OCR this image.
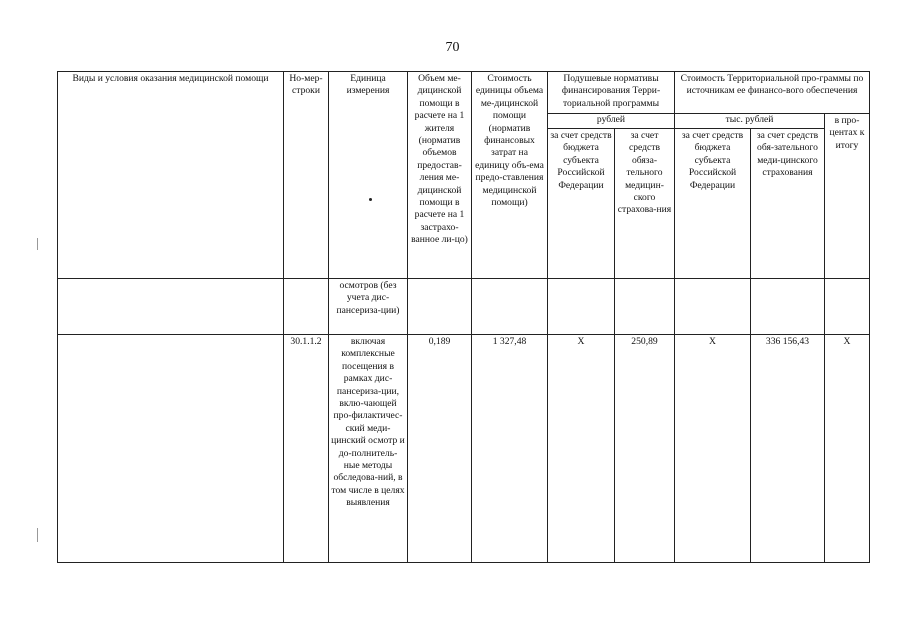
70
Виды и условия оказания медицинской помощи	Но-мер-строки	Единица измерения	Объем ме-дицинской помощи в расчете на 1 жителя (норматив объемов предостав-ления ме-дицинской помощи в расчете на 1 застрахо-ванное ли-цо)	Стоимость единицы объема ме-дицинской помощи (норматив финансовых затрат на единицу объ-ема предо-ставления медицинской помощи)	Подушевые нормативы финансирования Терри-ториальной программы		Стоимость Территориальной про-граммы по источникам ее финансо-вого обеспечения		
					рублей		тыс. рублей		в про-центах к итогу
					за счет средств бюджета субъекта Российской Федерации	за счет средств обяза-тельного медицин-ского страхова-ния	за счет средств бюджета субъекта Российской Федерации	за счет средств обя-зательного меди-цинского страхования	
		осмотров (без учета дис-пансериза-ции)							
	30.1.1.2	включая комплексные посещения в рамках дис-пансериза-ции, вклю-чающей про-филактичес-ский меди-цинский осмотр и до-полнитель-ные методы обследова-ний, в том числе в целях выявления	0,189	1 327,48	Х	250,89	Х	336 156,43	Х
